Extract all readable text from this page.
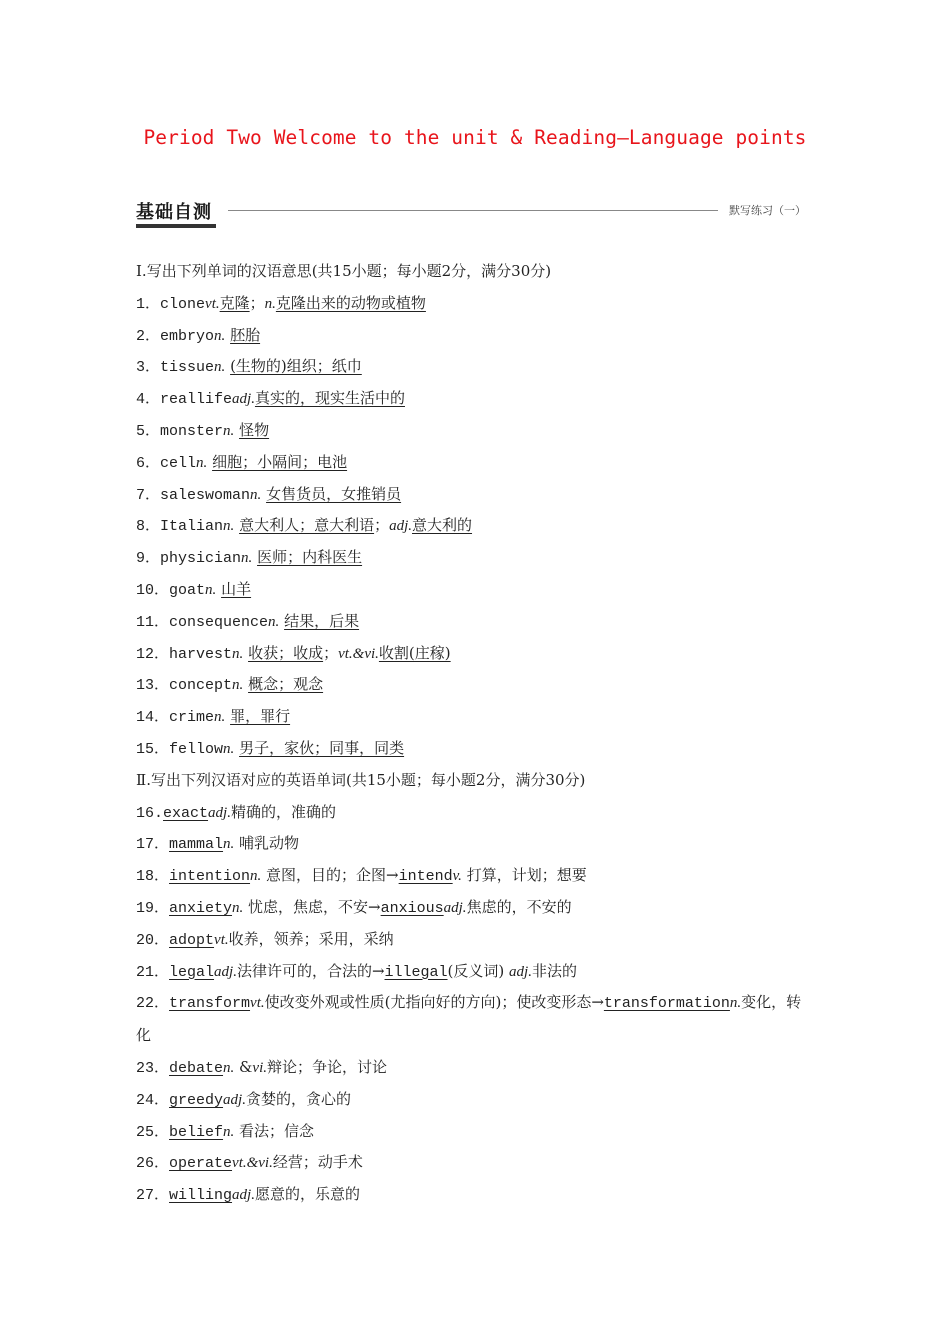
Period Two Welcome to the unit & Reading—Language points
基础自测	默写练习（一）
Ⅰ.写出下列单词的汉语意思(共15小题；每小题2分，满分30分)
1．clonevt.克隆；n.克隆出来的动物或植物
2．embryon. 胚胎
3．tissuen. (生物的)组织；纸巾
4．reallifeadj.真实的，现实生活中的
5．monstern. 怪物
6．celln. 细胞；小隔间；电池
7．saleswomann. 女售货员，女推销员
8．Italiann. 意大利人；意大利语；adj.意大利的
9．physiciann. 医师；内科医生
10．goatn. 山羊
11．consequencen. 结果，后果
12．harvestn. 收获；收成；vt.&vi.收割(庄稼)
13．conceptn. 概念；观念
14．crimen. 罪，罪行
15．fellown. 男子，家伙；同事，同类
Ⅱ.写出下列汉语对应的英语单词(共15小题；每小题2分，满分30分)
16.exactadj.精确的，准确的
17．mammaln. 哺乳动物
18．intentionn. 意图，目的；企图→intendv. 打算，计划；想要
19．anxietyn. 忧虑，焦虑，不安→anxiousadj.焦虑的，不安的
20．adoptvt.收养，领养；采用，采纳
21．legaladj.法律许可的，合法的→illegal(反义词) adj.非法的
22．transformvt.使改变外观或性质(尤指向好的方向)；使改变形态→transformationn.变化，转化
23．debaten. &vi.辩论；争论，讨论
24．greedyadj.贪婪的，贪心的
25．beliefn. 看法；信念
26．operatevt.&vi.经营；动手术
27．willingadj.愿意的，乐意的
